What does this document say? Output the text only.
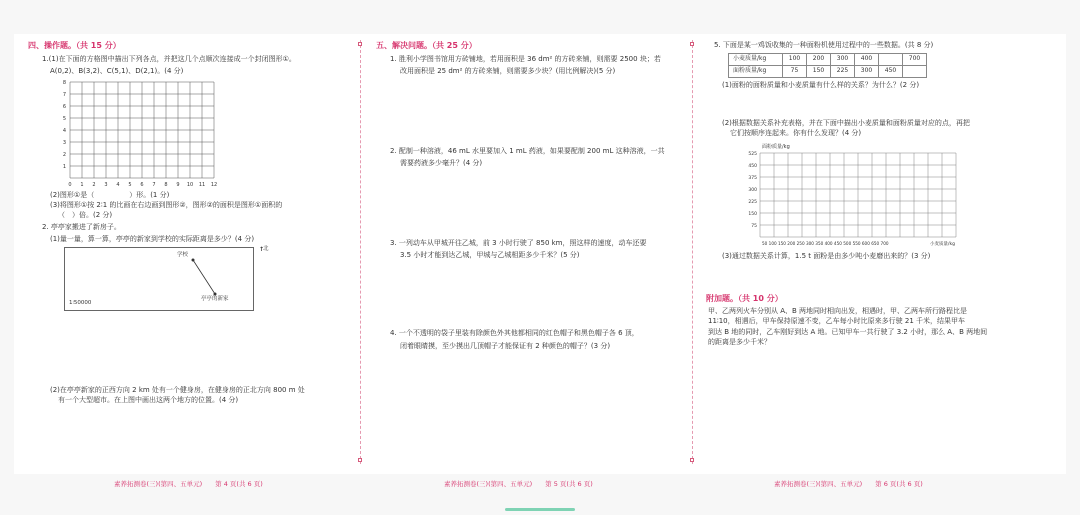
四、操作题。（共 15 分）
1.(1)在下面的方格图中描出下列各点，并把这几个点顺次连接成一个封闭图形①。
A(0,2)、B(3,2)、C(5,1)、D(2,1)。(4 分)
8
7
6
5
4
3
2
1
0 1 2 3 4 5 6 7 8 9 10 11 12
(2)图形①是（　　　　　）形。(1 分)
(3)将图形①按 2∶1 的比画在右边画到图形②，图形②的面积是图形①面积的
（　）倍。(2 分)
2. 亭亭家搬进了新房子。
(1)量一量，算一算，亭亭的新家到学校的实际距离是多少？(4 分)
学校
亭亭的新家
1∶50000
↑
北
(2)在亭亭新家的正西方向 2 km 处有一个健身房，在健身房的正北方向 800 m 处
有一个大型超市。在上图中画出这两个地方的位置。(4 分)
五、解决问题。（共 25 分）
1. 胜利小学图书馆用方砖铺地，若用面积是 36 dm² 的方砖来铺，则需要 2500 块；若
改用面积是 25 dm² 的方砖来铺，则需要多少块？(用比例解决)(5 分)
2. 配制一种溶液，46 mL 水里要加入 1 mL 药液，如果要配制 200 mL 这种溶液，一共
需要药液多少毫升？(4 分)
3. 一列动车从甲城开往乙城，前 3 小时行驶了 850 km，照这样的速度，动车还要
3.5 小时才能到达乙城，甲城与乙城相距多少千米？(5 分)
4. 一个不透明的袋子里装有除颜色外其他都相同的红色帽子和黑色帽子各 6 顶，
闭着眼睛摸，至少摸出几顶帽子才能保证有 2 种颜色的帽子？(3 分)
5. 下面是某一鸡饭收集的一种面粉机使用过程中的一些数据。(共 8 分)
小麦质量/kg	100	200	300	400		700
面粉质量/kg	75	150	225	300	450	
(1)面粉的面粉质量和小麦质量有什么样的关系？为什么？(2 分)
(2)根据数据关系补充表格，并在下面中描出小麦质量和面粉质量对应的点，再把
它们按顺序连起来。你有什么发现？(4 分)
面粉质量/kg
525
450
375
300
225
150
75
50 100 150 200 250 300 350 400 450 500 550 600 650 700	小麦质量/kg
(3)通过数据关系计算，1.5 t 面粉是由多少吨小麦磨出来的？(3 分)
附加题。（共 10 分）
甲、乙两列火车分别从 A、B 两地同时相向出发，相遇时，甲、乙两车所行路程比是
11∶10，相遇后，甲车保持原速不变，乙车每小时比原来多行驶 21 千米，结果甲车
到达 B 地的同时，乙车刚好到达 A 地。已知甲车一共行驶了 3.2 小时，那么 A、B 两地间
的距离是多少千米？
素养拓测卷(三)(第四、五单元)　　第 4 页(共 6 页)	素养拓测卷(三)(第四、五单元)　　第 5 页(共 6 页)	素养拓测卷(三)(第四、五单元)　　第 6 页(共 6 页)
